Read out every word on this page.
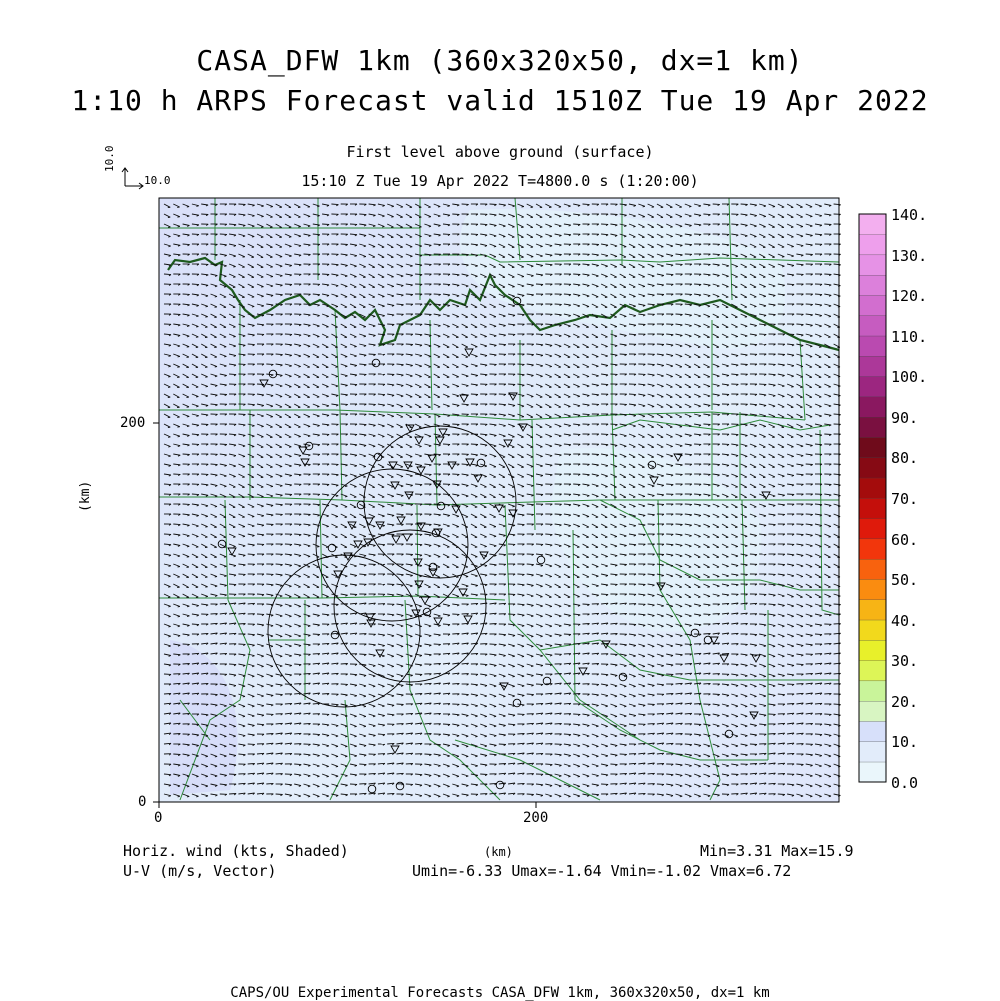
CASA_DFW 1km (360x320x50, dx=1 km)
1:10 h ARPS Forecast valid 1510Z Tue 19 Apr 2022
First level above ground (surface)
15:10 Z Tue 19 Apr 2022 T=4800.0 s (1:20:00)
10.0
10.0
0	200
0
200
(km)
(km)
140.
130.
120.
110.
100.
90.
80.
70.
60.
50.
40.
30.
20.
10.
0.0
Horiz. wind (kts, Shaded)
U-V (m/s, Vector)
Min=3.31 Max=15.9
Umin=-6.33 Umax=-1.64 Vmin=-1.02 Vmax=6.72
CAPS/OU Experimental Forecasts CASA_DFW 1km, 360x320x50, dx=1 km
